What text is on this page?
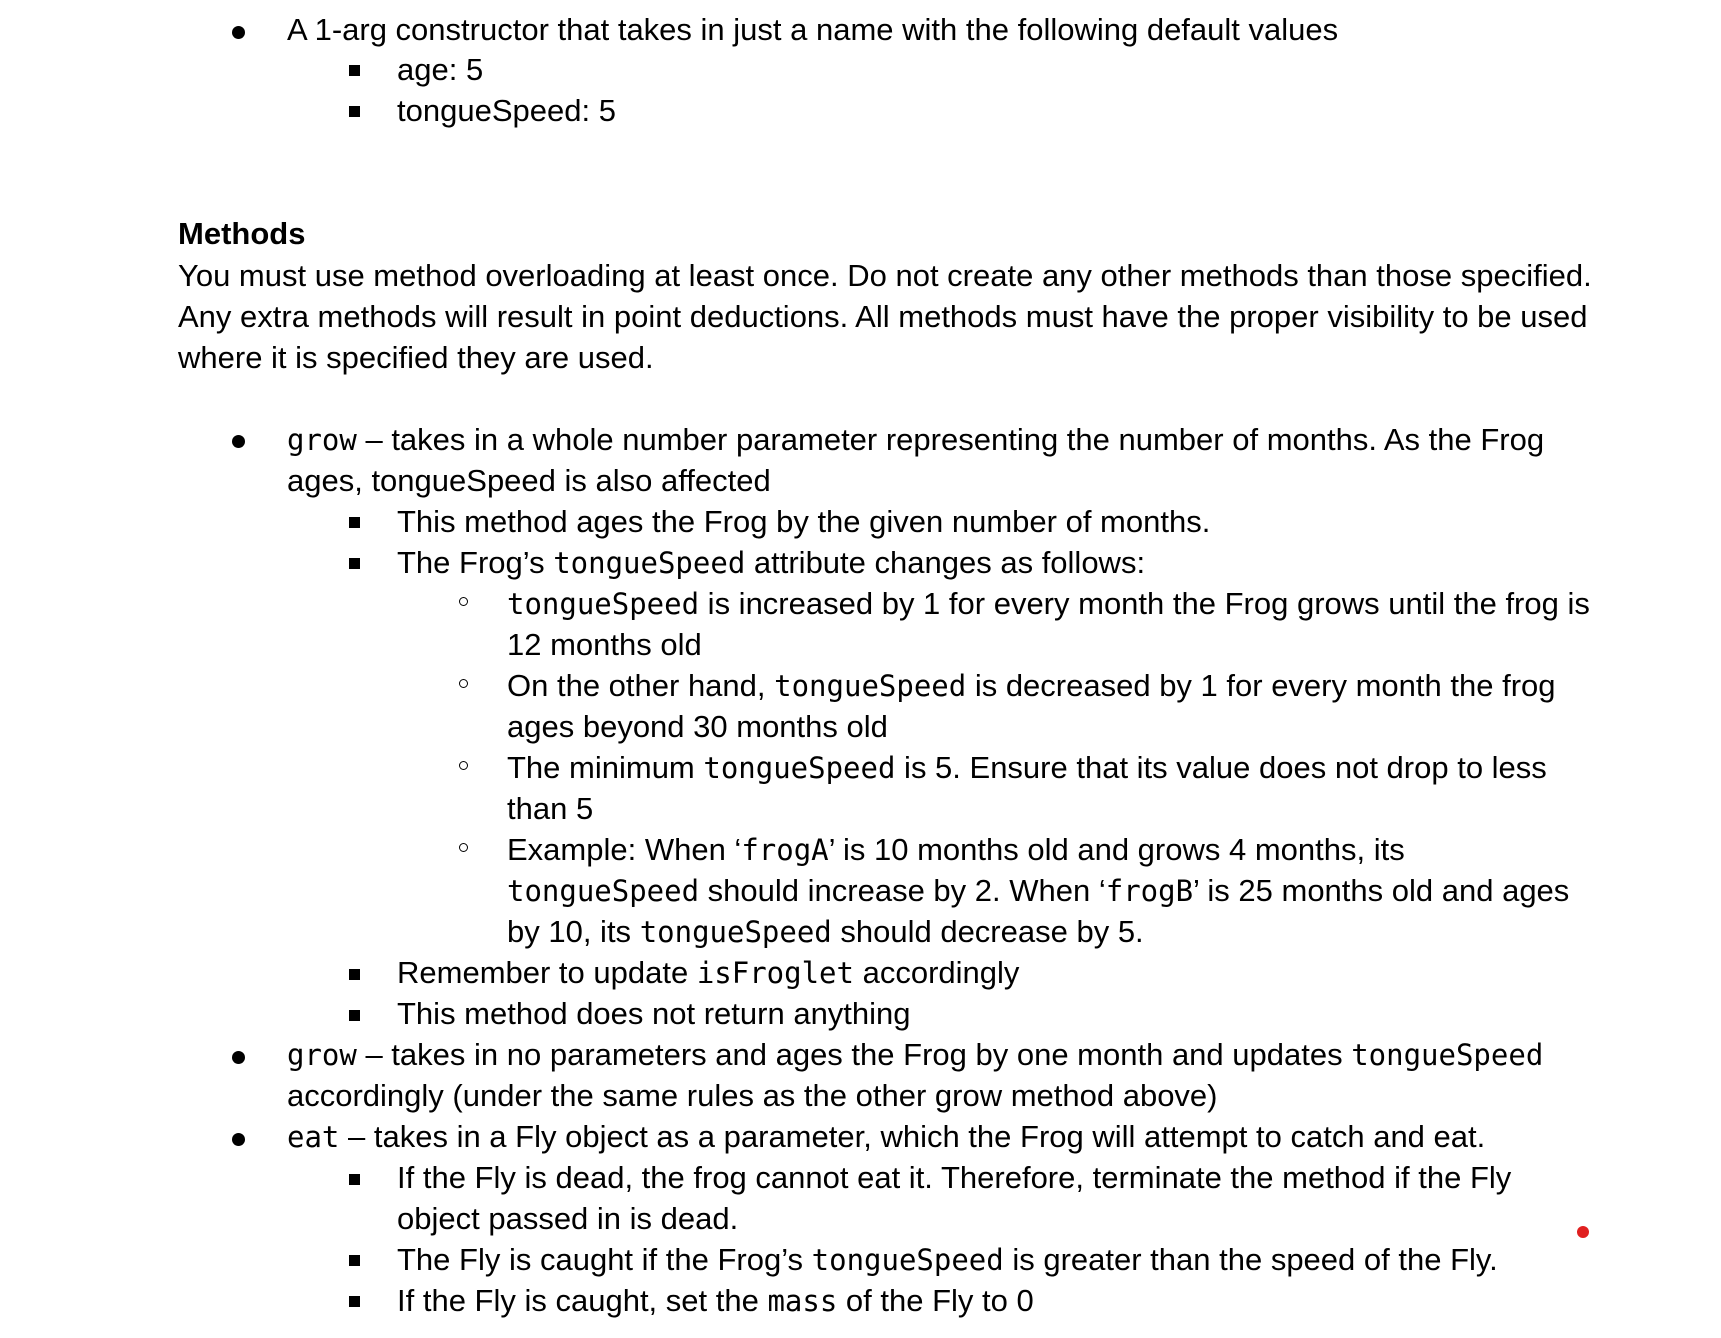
A 1-arg constructor that takes in just a name with the following default values
age: 5
tongueSpeed: 5
Methods
You must use method overloading at least once. Do not create any other methods than those specified.
Any extra methods will result in point deductions. All methods must have the proper visibility to be used
where it is specified they are used.
grow – takes in a whole number parameter representing the number of months. As the Frog
ages, tongueSpeed is also affected
This method ages the Frog by the given number of months.
The Frog’s tongueSpeed attribute changes as follows:
tongueSpeed is increased by 1 for every month the Frog grows until the frog is
12 months old
On the other hand, tongueSpeed is decreased by 1 for every month the frog
ages beyond 30 months old
The minimum tongueSpeed is 5. Ensure that its value does not drop to less
than 5
Example: When ‘frogA’ is 10 months old and grows 4 months, its
tongueSpeed should increase by 2. When ‘frogB’ is 25 months old and ages
by 10, its tongueSpeed should decrease by 5.
Remember to update isFroglet accordingly
This method does not return anything
grow – takes in no parameters and ages the Frog by one month and updates tongueSpeed
accordingly (under the same rules as the other grow method above)
eat – takes in a Fly object as a parameter, which the Frog will attempt to catch and eat.
If the Fly is dead, the frog cannot eat it. Therefore, terminate the method if the Fly
object passed in is dead.
The Fly is caught if the Frog’s tongueSpeed is greater than the speed of the Fly.
If the Fly is caught, set the mass of the Fly to 0
